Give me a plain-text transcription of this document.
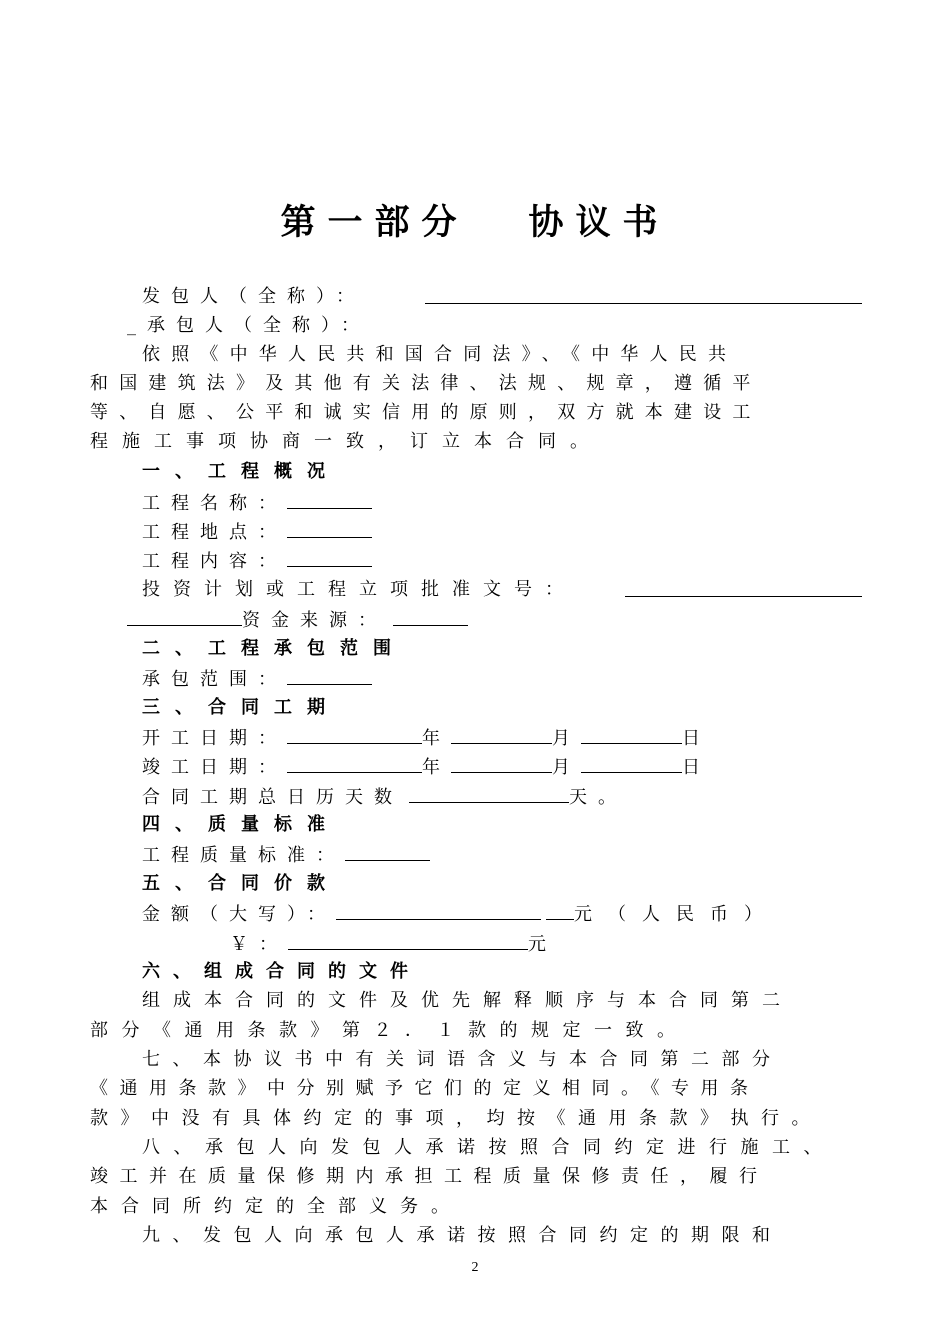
第一部分 协议书
发包人（全称）：
_承包人（全称）：
依照《中华人民共和国合同法》、《中华人民共
和国建筑法》及其他有关法律、法规、规章，遵循平
等、自愿、公平和诚实信用的原则，双方就本建设工
程施工事项协商一致，订立本合同。
一、工程概况
工程名称：
工程地点：
工程内容：
投资计划或工程立项批准文号：
资金来源：
二、工程承包范围
承包范围：
三、合同工期
开工日期：	年	月	日
竣工日期：	年	月	日
合同工期总日历天数	天。
四、质量标准
工程质量标准：
五、合同价款
金额（大写）：	元（人民币）
￥：	元
六、组成合同的文件
组成本合同的文件及优先解释顺序与本合同第二
部分《通用条款》第２．１款的规定一致。
七、本协议书中有关词语含义与本合同第二部分
《通用条款》中分别赋予它们的定义相同。《专用条
款》中没有具体约定的事项，均按《通用条款》执行。
八、承包人向发包人承诺按照合同约定进行施工、
竣工并在质量保修期内承担工程质量保修责任，履行
本合同所约定的全部义务。
九、发包人向承包人承诺按照合同约定的期限和
2
